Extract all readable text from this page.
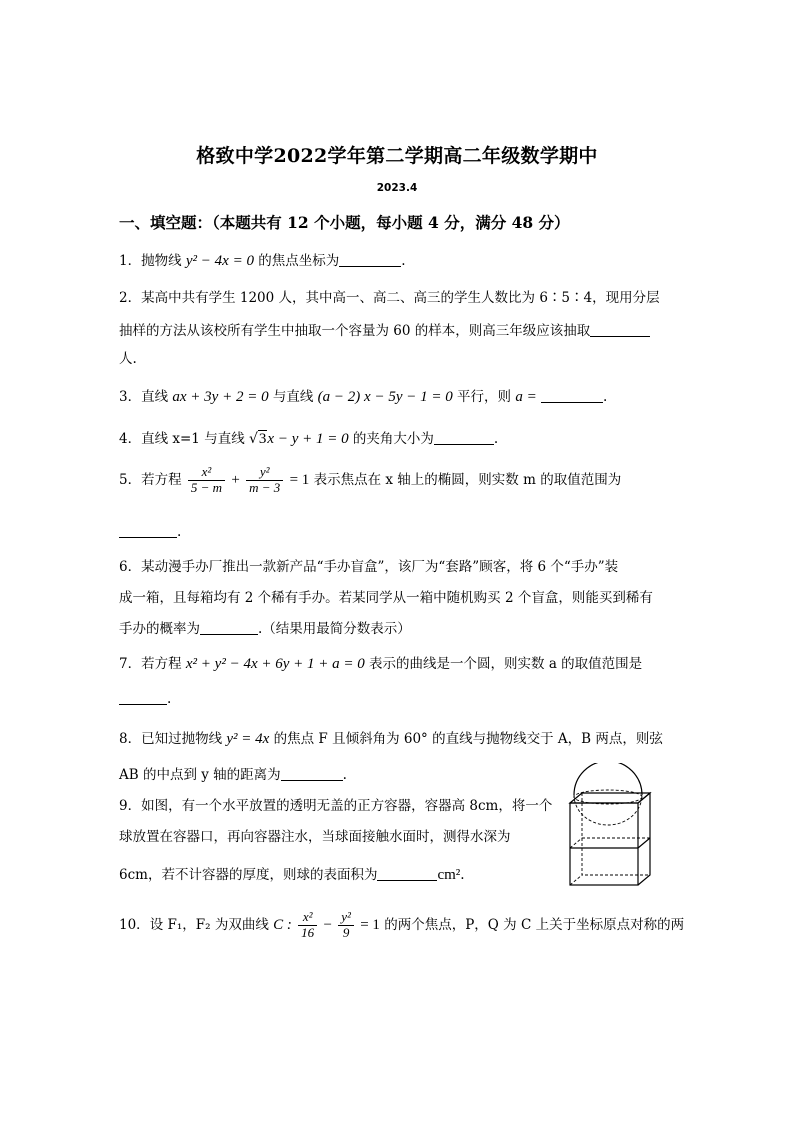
格致中学2022学年第二学期高二年级数学期中
2023.4
一、填空题：（本题共有 12 个小题，每小题 4 分，满分 48 分）
1．抛物线 y² − 4x = 0 的焦点坐标为	.
2．某高中共有学生 1200 人，其中高一、高二、高三的学生人数比为 6∶5∶4，现用分层
抽样的方法从该校所有学生中抽取一个容量为 60 的样本，则高三年级应该抽取
人.
3．直线 ax + 3y + 2 = 0 与直线 (a − 2) x − 5y − 1 = 0 平行，则 a =	.
4．直线 x=1 与直线 √3x − y + 1 = 0 的夹角大小为	.
5．若方程 $\frac{\text{x²}}{5 - m} + \frac{\text{y²}}{m - 3} = 1$ 表示焦点在 x 轴上的椭圆，则实数 m 的取值范围为
.
6．某动漫手办厂推出一款新产品“手办盲盒”，该厂为“套路”顾客，将 6 个“手办”装
成一箱，且每箱均有 2 个稀有手办。若某同学从一箱中随机购买 2 个盲盒，则能买到稀有
手办的概率为	.（结果用最简分数表示）
7．若方程 x² + y² − 4x + 6y + 1 + a = 0 表示的曲线是一个圆，则实数 a 的取值范围是
.
8．已知过抛物线 y² = 4x 的焦点 F 且倾斜角为 60° 的直线与抛物线交于 A，B 两点，则弦
AB 的中点到 y 轴的距离为	.
9．如图，有一个水平放置的透明无盖的正方容器，容器高 8cm，将一个
球放置在容器口，再向容器注水，当球面接触水面时，测得水深为
6cm，若不计容器的厚度，则球的表面积为	cm².
10．设 F₁，F₂ 为双曲线 C : $\frac{\text{x²}}{16} - \frac{\text{y²}}{9} = 1$ 的两个焦点，P，Q 为 C 上关于坐标原点对称的两
